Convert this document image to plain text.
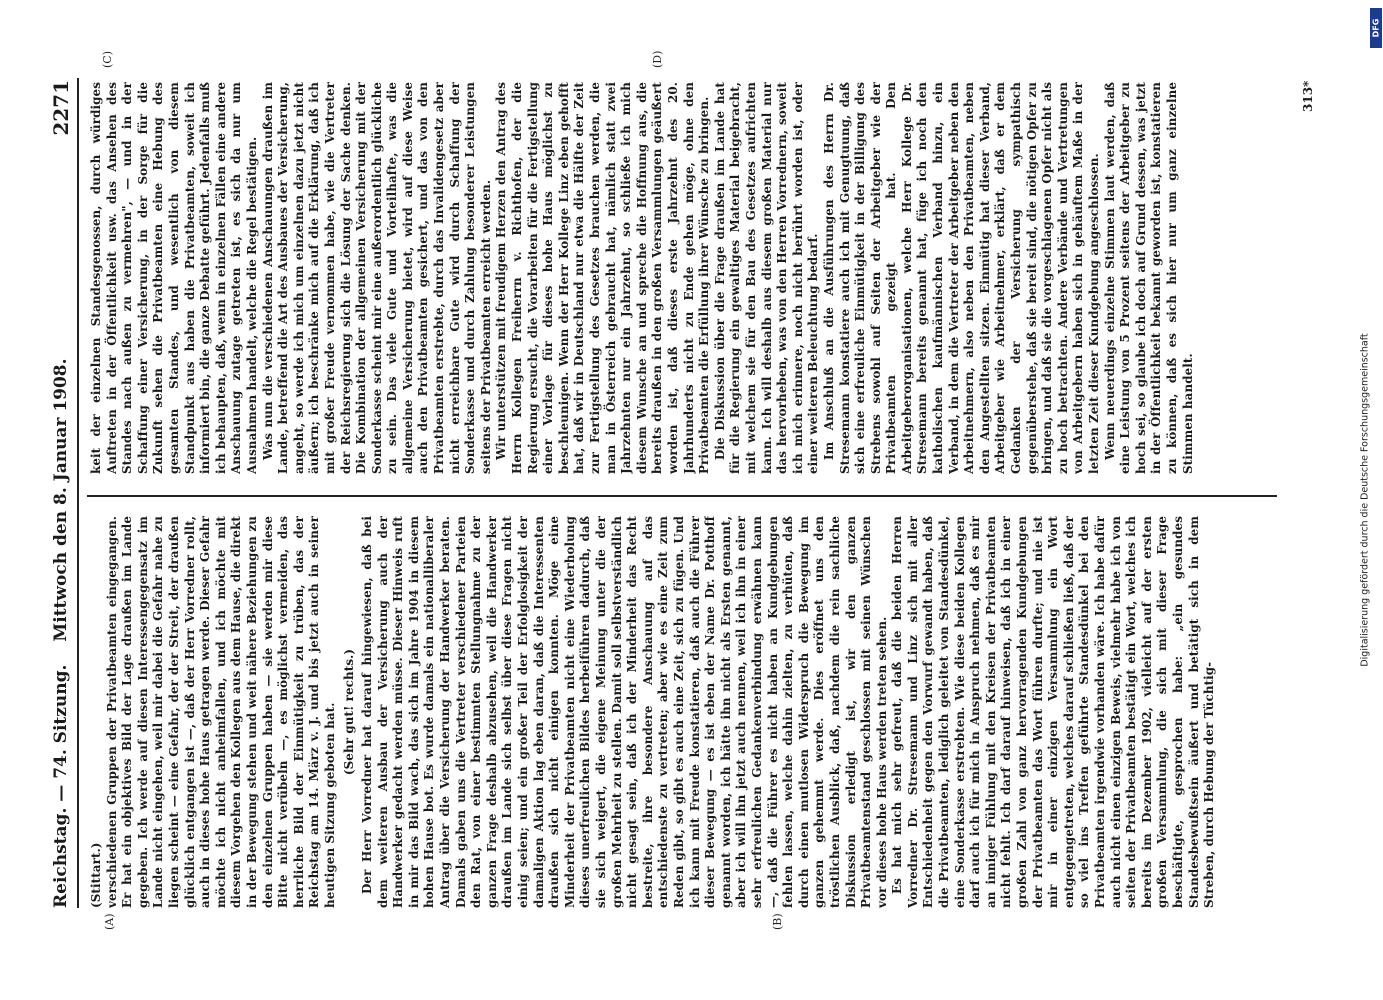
Reichstag. — 74. Sitzung.
Mittwoch den 8. Januar 1908.
2271
(A)	(B)
(C)	(D)

(Stittart.) verschiedenen Gruppen der Privatbeamten eingegangen. Er hat ein objektives Bild der Lage draußen im Lande gegeben. Ich werde auf diesen Interessengegensatz im Lande nicht eingehen, weil mir dabei die Gefahr nahe zu liegen scheint — eine Gefahr, der der Streit, der draußen glücklich entgangen ist —, daß der Herr Vorredner rollt, auch in dieses hohe Haus getragen werde. Dieser Gefahr möchte ich nicht anheimfallen, und ich möchte mit diesem Vorgehen den Kollegen aus dem Hause, die direkt in der Bewegung stehen und weit nähere Beziehungen zu den einzelnen Gruppen haben — sie werden mir diese Bitte nicht verübeln —, es möglichst vermeiden, das herrliche Bild der Einmütigkeit zu trüben, das der Reichstag am 14. März v. J. und bis jetzt auch in seiner heutigen Sitzung geboten hat. (Sehr gut! rechts.) Der Herr Vorredner hat darauf hingewiesen, daß bei dem weiteren Ausbau der Versicherung auch der Handwerker gedacht werden müsse. Dieser Hinweis ruft in mir das Bild wach, das sich im Jahre 1904 in diesem hohen Hause bot. Es wurde damals ein nationalliberaler Antrag über die Versicherung der Handwerker beraten. Damals gaben uns die Vertreter verschiedener Parteien den Rat, von einer bestimmten Stellungnahme zu der ganzen Frage deshalb abzusehen, weil die Handwerker draußen im Lande sich selbst über diese Fragen nicht einig seien; und ein großer Teil der Erfolglosigkeit der damaligen Aktion lag eben daran, daß die Interessenten draußen sich nicht einigen konnten. Möge eine Minderheit der Privatbeamten nicht eine Wiederholung dieses unerfreulichen Bildes herbeiführen dadurch, daß sie sich weigert, die eigene Meinung unter die der großen Mehrheit zu stellen. Damit soll selbstverständlich nicht gesagt sein, daß ich der Minderheit das Recht bestreite, ihre besondere Anschauung auf das entschiedenste zu vertreten; aber wie es eine Zeit zum Reden gibt, so gibt es auch eine Zeit, sich zu fügen. Und ich kann mit Freude konstatieren, daß auch die Führer dieser Bewegung — es ist eben der Name Dr. Potthoff genannt worden, ich hätte ihn nicht als Ersten genannt, aber ich will ihn jetzt auch nennen, weil ich ihn in einer sehr erfreulichen Gedankenverbindung erwähnen kann —, daß die Führer es nicht haben an Kundgebungen fehlen lassen, welche dahin zielten, zu verhüten, daß durch einen mutlosen Widerspruch die Bewegung im ganzen gehemmt werde. Dies eröffnet uns den tröstlichen Ausblick, daß, nachdem die rein sachliche Diskussion erledigt ist, wir den ganzen Privatbeamtenstand geschlossen mit seinen Wünschen vor dieses hohe Haus werden treten sehen. Es hat mich sehr gefreut, daß die beiden Herren Vorredner Dr. Stresemann und Linz sich mit aller Entschiedenheit gegen den Vorwurf gewandt haben, daß die Privatbeamten, lediglich geleitet von Standesdünkel, eine Sonderkasse erstrebten. Wie diese beiden Kollegen darf auch ich für mich in Anspruch nehmen, daß es mir an inniger Fühlung mit den Kreisen der Privatbeamten nicht fehlt. Ich darf darauf hinweisen, daß ich in einer großen Zahl von ganz hervorragenden Kundgebungen der Privatbeamten das Wort führen durfte; und nie ist mir in einer einzigen Versammlung ein Wort entgegengetreten, welches darauf schließen ließ, daß der so viel ins Treffen geführte Standesdünkel bei den Privatbeamten irgendwie vorhanden wäre. Ich habe dafür auch nicht einen einzigen Beweis, vielmehr habe ich von seiten der Privatbeamten bestätigt ein Wort, welches ich bereits im Dezember 1902, vielleicht auf der ersten großen Versammlung, die sich mit dieser Frage beschäftigte, gesprochen habe: „ein gesundes Standesbewußtsein äußert und betätigt sich in dem Streben, durch Hebung der Tüchtig-

keit der einzelnen Standesgenossen, durch würdiges Auftreten in der Öffentlichkeit usw. das Ansehen des Standes nach außen zu vermehren", — und in der Schaffung einer Versicherung, in der Sorge für die Zukunft sehen die Privatbeamten eine Hebung des gesamten Standes, und wesentlich von diesem Standpunkt aus haben die Privatbeamten, soweit ich informiert bin, die ganze Debatte geführt. Jedenfalls muß ich behaupten, daß, wenn in einzelnen Fällen eine andere Anschauung zutage getreten ist, es sich da nur um Ausnahmen handelt, welche die Regel bestätigen. Was nun die verschiedenen Anschauungen draußen im Lande, betreffend die Art des Ausbaues der Versicherung, angeht, so werde ich mich um einzelnen dazu jetzt nicht äußern; ich beschränke mich auf die Erklärung, daß ich mit großer Freude vernommen habe, wie die Vertreter der Reichsregierung sich die Lösung der Sache denken. Die Kombination der allgemeinen Versicherung mit der Sonderkasse scheint mir eine außerordentlich glückliche zu sein. Das viele Gute und Vorteilhafte, was die allgemeine Versicherung bietet, wird auf diese Weise auch den Privatbeamten gesichert, und das von den Privatbeamten erstrebte, durch das Invalidengesetz aber nicht erreichbare Gute wird durch Schaffung der Sonderkasse und durch Zahlung besonderer Leistungen seitens der Privatbeamten erreicht werden. Wir unterstützen mit freudigem Herzen den Antrag des Herrn Kollegen Freiherrn v. Richthofen, der die Regierung ersucht, die Vorarbeiten für die Fertigstellung einer Vorlage für dieses hohe Haus möglichst zu beschleunigen. Wenn der Herr Kollege Linz eben gehofft hat, daß wir in Deutschland nur etwa die Hälfte der Zeit zur Fertigstellung des Gesetzes brauchen werden, die man in Österreich gebraucht hat, nämlich statt zwei Jahrzehnten nur ein Jahrzehnt, so schließe ich mich diesem Wunsche an und spreche die Hoffnung aus, die bereits draußen in den großen Versammlungen geäußert worden ist, daß dieses erste Jahrzehnt des 20. Jahrhunderts nicht zu Ende gehen möge, ohne den Privatbeamten die Erfüllung ihrer Wünsche zu bringen. Die Diskussion über die Frage draußen im Lande hat für die Regierung ein gewaltiges Material beigebracht, mit welchem sie für den Bau des Gesetzes aufrichten kann. Ich will deshalb aus diesem großen Material nur das hervorheben, was von den Herren Vorrednern, soweit ich mich erinnere, noch nicht berührt worden ist, oder einer weiteren Beleuchtung bedarf. Im Anschluß an die Ausführungen des Herrn Dr. Stresemann konstatiere auch ich mit Genugtuung, daß sich eine erfreuliche Einmütigkeit in der Billigung des Strebens sowohl auf Seiten der Arbeitgeber wie der Privatbeamten gezeigt hat. Den Arbeitgeberorganisationen, welche Herr Kollege Dr. Stresemann bereits genannt hat, füge ich noch den katholischen kaufmännischen Verband hinzu, ein Verband, in dem die Vertreter der Arbeitgeber neben den Arbeitnehmern, also neben den Privatbeamten, neben den Angestellten sitzen. Einmütig hat dieser Verband, Arbeitgeber wie Arbeitnehmer, erklärt, daß er dem Gedanken der Versicherung sympathisch gegenüberstehe, daß sie bereit sind, die nötigen Opfer zu bringen, und daß sie die vorgeschlagenen Opfer nicht als zu hoch betrachten. Andere Verbände und Vertretungen von Arbeitgebern haben sich in gehäuftem Maße in der letzten Zeit dieser Kundgebung angeschlossen. Wenn neuerdings einzelne Stimmen laut werden, daß eine Leistung von 5 Prozent seitens der Arbeitgeber zu hoch sei, so glaube ich doch auf Grund dessen, was jetzt in der Öffentlichkeit bekannt geworden ist, konstatieren zu können, daß es sich hier nur um ganz einzelne Stimmen handelt.

313*
Digitalisierung gefördert durch die Deutsche Forschungsgemeinschaft
DFG
